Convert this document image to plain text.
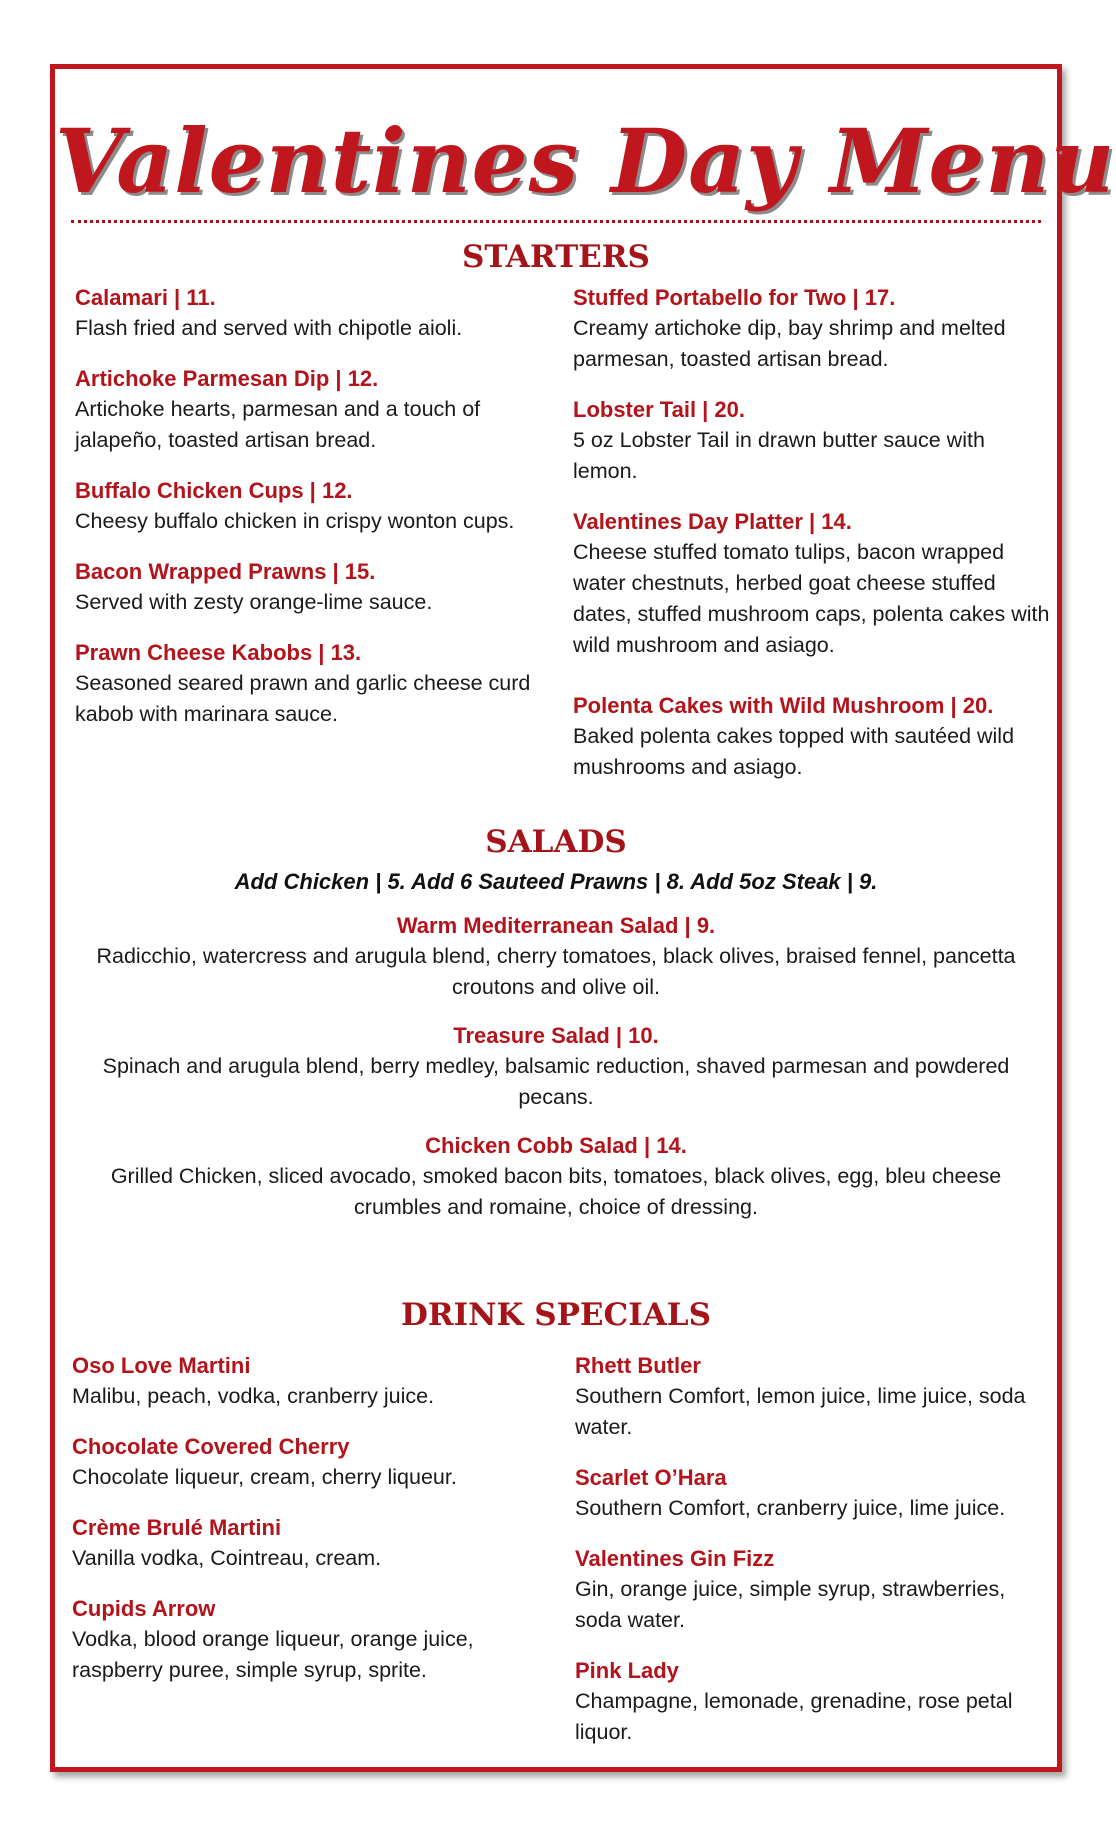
Valentines Day Menu
STARTERS
Calamari | 11.
Flash fried and served with chipotle aioli.
Artichoke Parmesan Dip | 12.
Artichoke hearts, parmesan and a touch of jalapeño, toasted artisan bread.
Buffalo Chicken Cups | 12.
Cheesy buffalo chicken in crispy wonton cups.
Bacon Wrapped Prawns | 15.
Served with zesty orange-lime sauce.
Prawn Cheese Kabobs | 13.
Seasoned seared prawn and garlic cheese curd kabob with marinara sauce.
Stuffed Portabello for Two | 17.
Creamy artichoke dip, bay shrimp and melted parmesan, toasted artisan bread.
Lobster Tail | 20.
5 oz Lobster Tail in drawn butter sauce with lemon.
Valentines Day Platter | 14.
Cheese stuffed tomato tulips, bacon wrapped water chestnuts, herbed goat cheese stuffed dates, stuffed mushroom caps, polenta cakes with wild mushroom and asiago.
Polenta Cakes with Wild Mushroom | 20.
Baked polenta cakes topped with sautéed wild mushrooms and asiago.
SALADS
Add Chicken | 5. Add 6 Sauteed Prawns | 8. Add 5oz Steak | 9.
Warm Mediterranean Salad | 9.
Radicchio, watercress and arugula blend, cherry tomatoes, black olives, braised fennel, pancetta croutons and olive oil.
Treasure Salad | 10.
Spinach and arugula blend, berry medley, balsamic reduction, shaved parmesan and powdered pecans.
Chicken Cobb Salad | 14.
Grilled Chicken, sliced avocado, smoked bacon bits, tomatoes, black olives, egg, bleu cheese crumbles and romaine, choice of dressing.
DRINK SPECIALS
Oso Love Martini
Malibu, peach, vodka, cranberry juice.
Chocolate Covered Cherry
Chocolate liqueur, cream, cherry liqueur.
Crème Brulé Martini
Vanilla vodka, Cointreau, cream.
Cupids Arrow
Vodka, blood orange liqueur, orange juice, raspberry puree, simple syrup, sprite.
Rhett Butler
Southern Comfort, lemon juice, lime juice, soda water.
Scarlet O’Hara
Southern Comfort, cranberry juice, lime juice.
Valentines Gin Fizz
Gin, orange juice, simple syrup, strawberries, soda water.
Pink Lady
Champagne, lemonade, grenadine, rose petal liquor.
